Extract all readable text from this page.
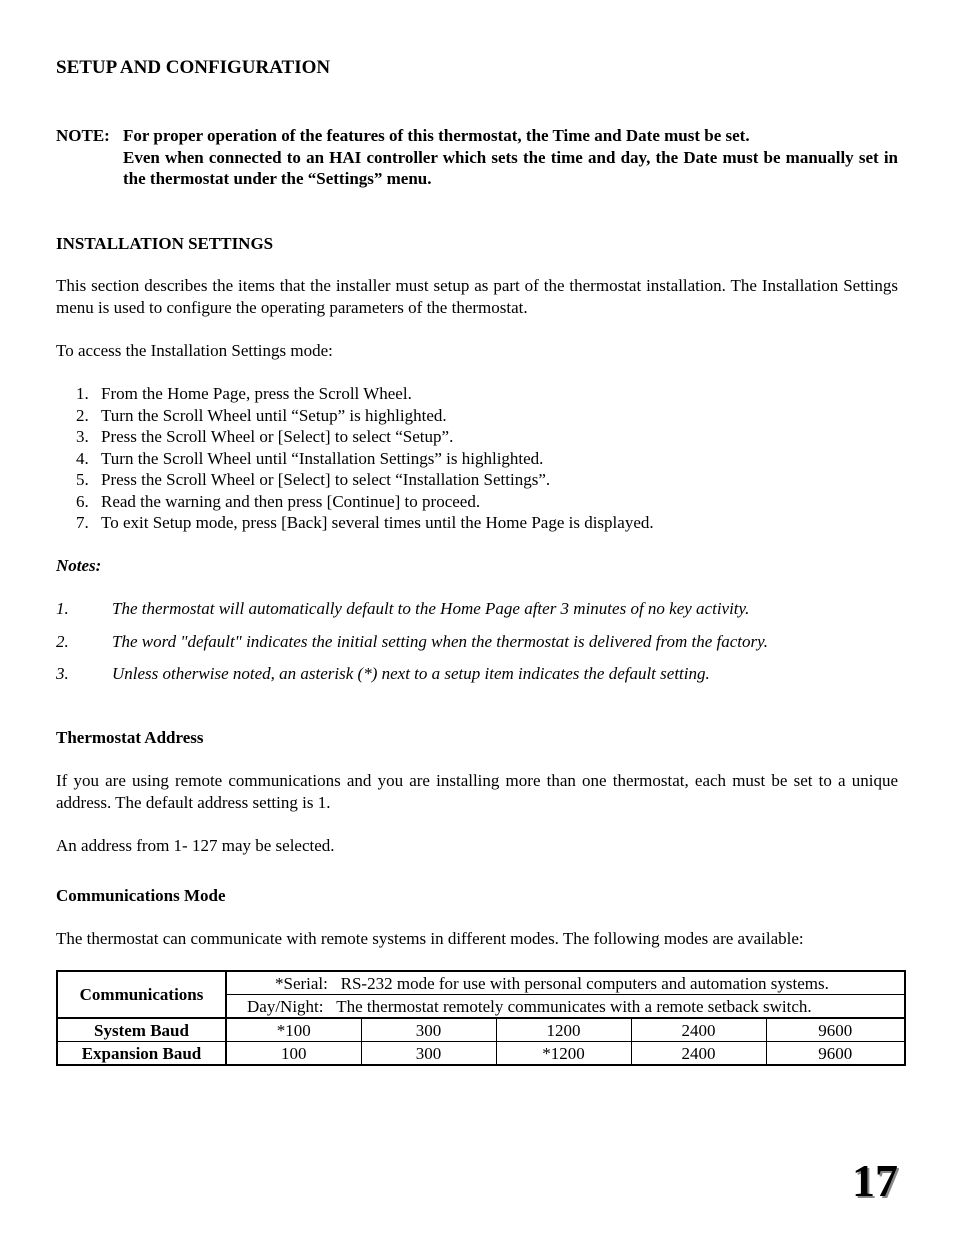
SETUP AND CONFIGURATION
NOTE: For proper operation of the features of this thermostat, the Time and Date must be set.
Even when connected to an HAI controller which sets the time and day, the Date must be manually set in the thermostat under the “Settings” menu.
INSTALLATION SETTINGS
This section describes the items that the installer must setup as part of the thermostat installation. The Installation Settings menu is used to configure the operating parameters of the thermostat.
To access the Installation Settings mode:
1. From the Home Page, press the Scroll Wheel.
2. Turn the Scroll Wheel until “Setup” is highlighted.
3. Press the Scroll Wheel or [Select] to select “Setup”.
4. Turn the Scroll Wheel until “Installation Settings” is highlighted.
5. Press the Scroll Wheel or [Select] to select “Installation Settings”.
6. Read the warning and then press [Continue] to proceed.
7. To exit Setup mode, press [Back] several times until the Home Page is displayed.
Notes:
1.	The thermostat will automatically default to the Home Page after 3 minutes of no key activity.
2.	The word "default" indicates the initial setting when the thermostat is delivered from the factory.
3.	Unless otherwise noted, an asterisk (*) next to a setup item indicates the default setting.
Thermostat Address
If you are using remote communications and you are installing more than one thermostat, each must be set to a unique address. The default address setting is 1.
An address from 1- 127 may be selected.
Communications Mode
The thermostat can communicate with remote systems in different modes. The following modes are available:
Communications	*Serial: RS-232 mode for use with personal computers and automation systems.				
	Day/Night: The thermostat remotely communicates with a remote setback switch.				
System Baud	*100	300	1200	2400	9600
Expansion Baud	100	300	*1200	2400	9600
17
